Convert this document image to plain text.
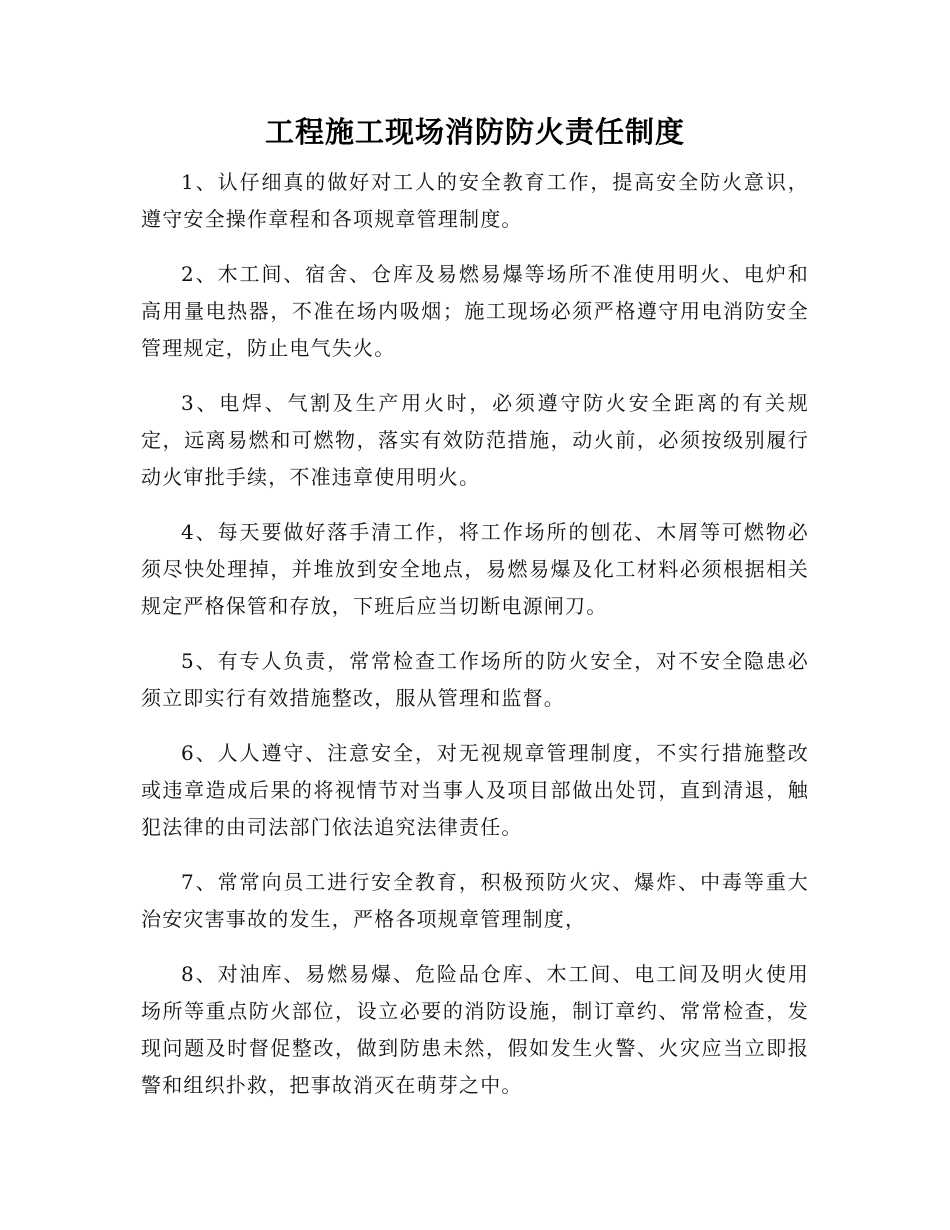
工程施工现场消防防火责任制度

1、认仔细真的做好对工人的安全教育工作，提高安全防火意识，遵守安全操作章程和各项规章管理制度。

2、木工间、宿舍、仓库及易燃易爆等场所不准使用明火、电炉和高用量电热器，不准在场内吸烟；施工现场必须严格遵守用电消防安全管理规定，防止电气失火。

3、电焊、气割及生产用火时，必须遵守防火安全距离的有关规定，远离易燃和可燃物，落实有效防范措施，动火前，必须按级别履行动火审批手续，不准违章使用明火。

4、每天要做好落手清工作，将工作场所的刨花、木屑等可燃物必须尽快处理掉，并堆放到安全地点，易燃易爆及化工材料必须根据相关规定严格保管和存放，下班后应当切断电源闸刀。

5、有专人负责，常常检查工作场所的防火安全，对不安全隐患必须立即实行有效措施整改，服从管理和监督。

6、人人遵守、注意安全，对无视规章管理制度，不实行措施整改或违章造成后果的将视情节对当事人及项目部做出处罚，直到清退，触犯法律的由司法部门依法追究法律责任。

7、常常向员工进行安全教育，积极预防火灾、爆炸、中毒等重大治安灾害事故的发生，严格各项规章管理制度，

8、对油库、易燃易爆、危险品仓库、木工间、电工间及明火使用场所等重点防火部位，设立必要的消防设施，制订章约、常常检查，发现问题及时督促整改，做到防患未然，假如发生火警、火灾应当立即报警和组织扑救，把事故消灭在萌芽之中。
